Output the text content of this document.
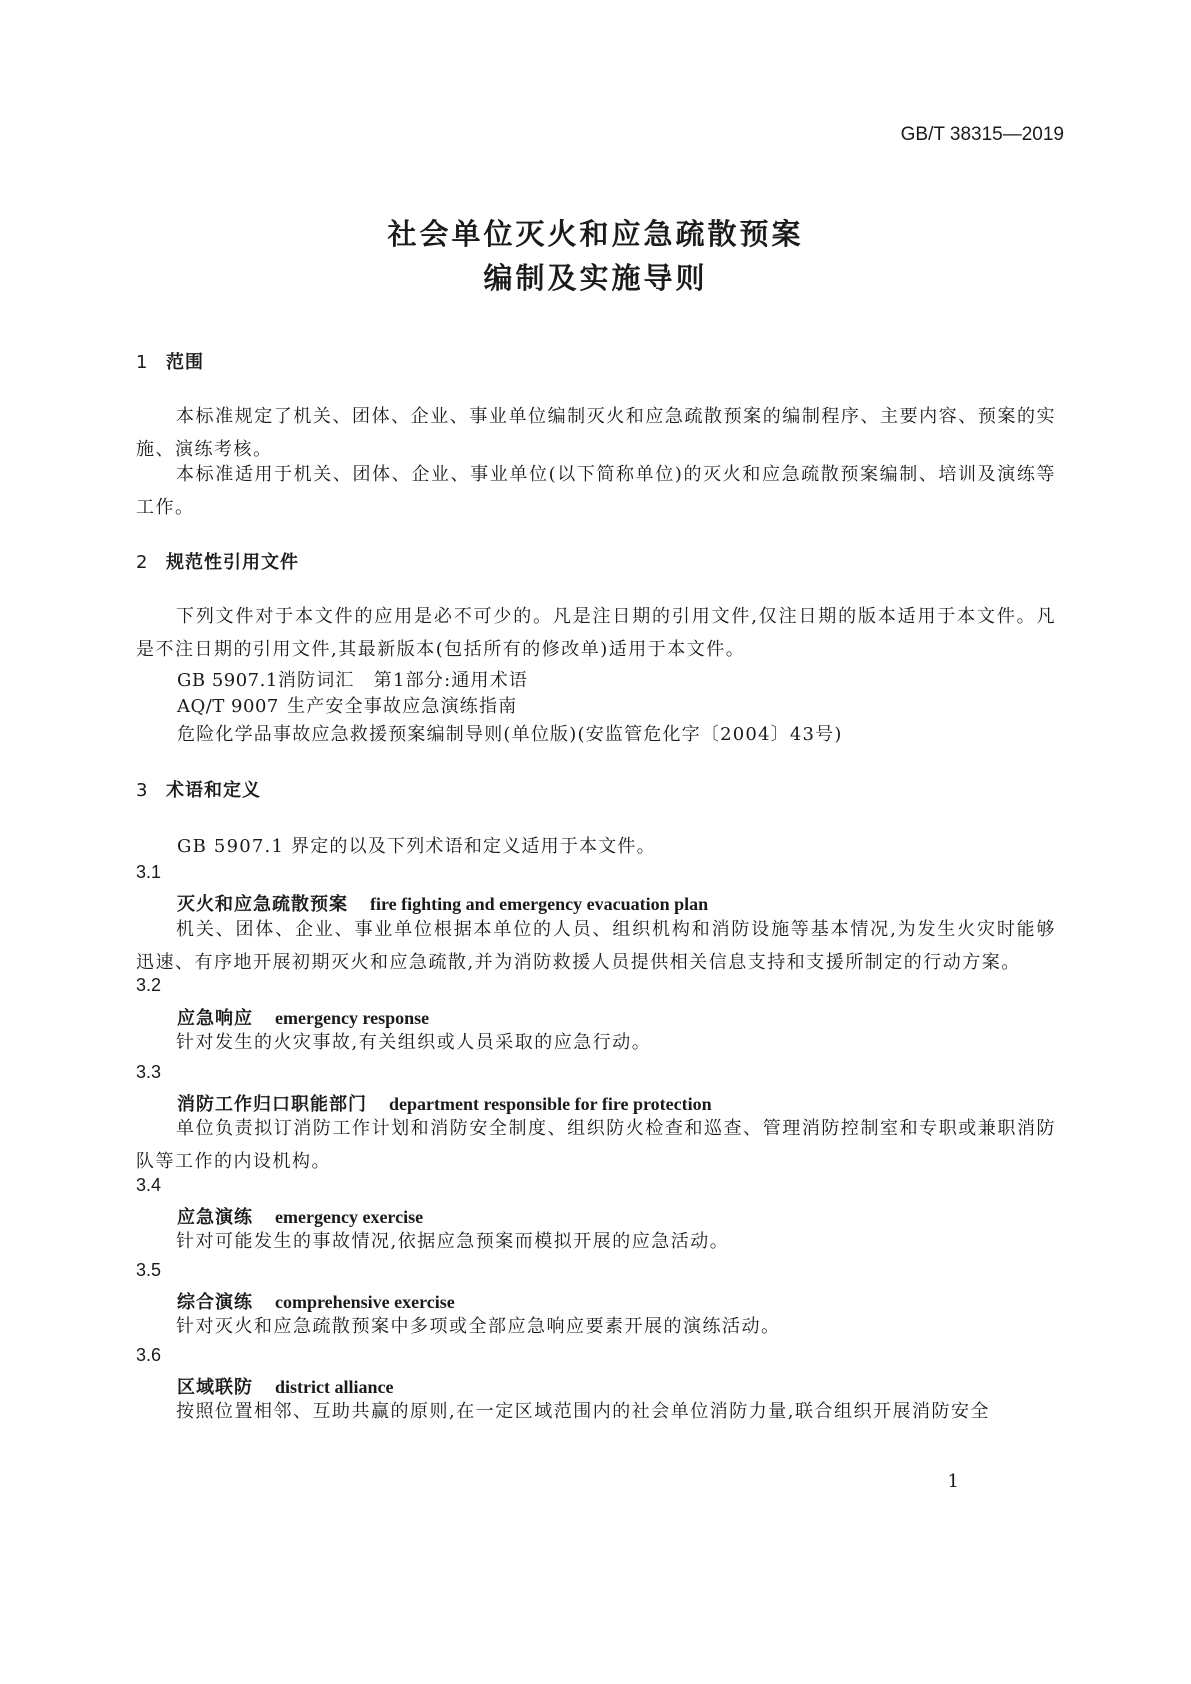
GB/T 38315—2019
社会单位灭火和应急疏散预案
编制及实施导则
1 范围
本标准规定了机关、团体、企业、事业单位编制灭火和应急疏散预案的编制程序、主要内容、预案的实施、演练考核。
本标准适用于机关、团体、企业、事业单位(以下简称单位)的灭火和应急疏散预案编制、培训及演练等工作。
2 规范性引用文件
下列文件对于本文件的应用是必不可少的。凡是注日期的引用文件,仅注日期的版本适用于本文件。凡是不注日期的引用文件,其最新版本(包括所有的修改单)适用于本文件。
GB 5907.1消防词汇　第1部分:通用术语
AQ/T 9007 生产安全事故应急演练指南
危险化学品事故应急救援预案编制导则(单位版)(安监管危化字〔2004〕43号)
3 术语和定义
GB 5907.1 界定的以及下列术语和定义适用于本文件。
3.1
灭火和应急疏散预案 fire fighting and emergency evacuation plan
机关、团体、企业、事业单位根据本单位的人员、组织机构和消防设施等基本情况,为发生火灾时能够迅速、有序地开展初期灭火和应急疏散,并为消防救援人员提供相关信息支持和支援所制定的行动方案。
3.2
应急响应 emergency response
针对发生的火灾事故,有关组织或人员采取的应急行动。
3.3
消防工作归口职能部门 department responsible for fire protection
单位负责拟订消防工作计划和消防安全制度、组织防火检查和巡查、管理消防控制室和专职或兼职消防队等工作的内设机构。
3.4
应急演练 emergency exercise
针对可能发生的事故情况,依据应急预案而模拟开展的应急活动。
3.5
综合演练 comprehensive exercise
针对灭火和应急疏散预案中多项或全部应急响应要素开展的演练活动。
3.6
区域联防 district alliance
按照位置相邻、互助共赢的原则,在一定区域范围内的社会单位消防力量,联合组织开展消防安全
1
